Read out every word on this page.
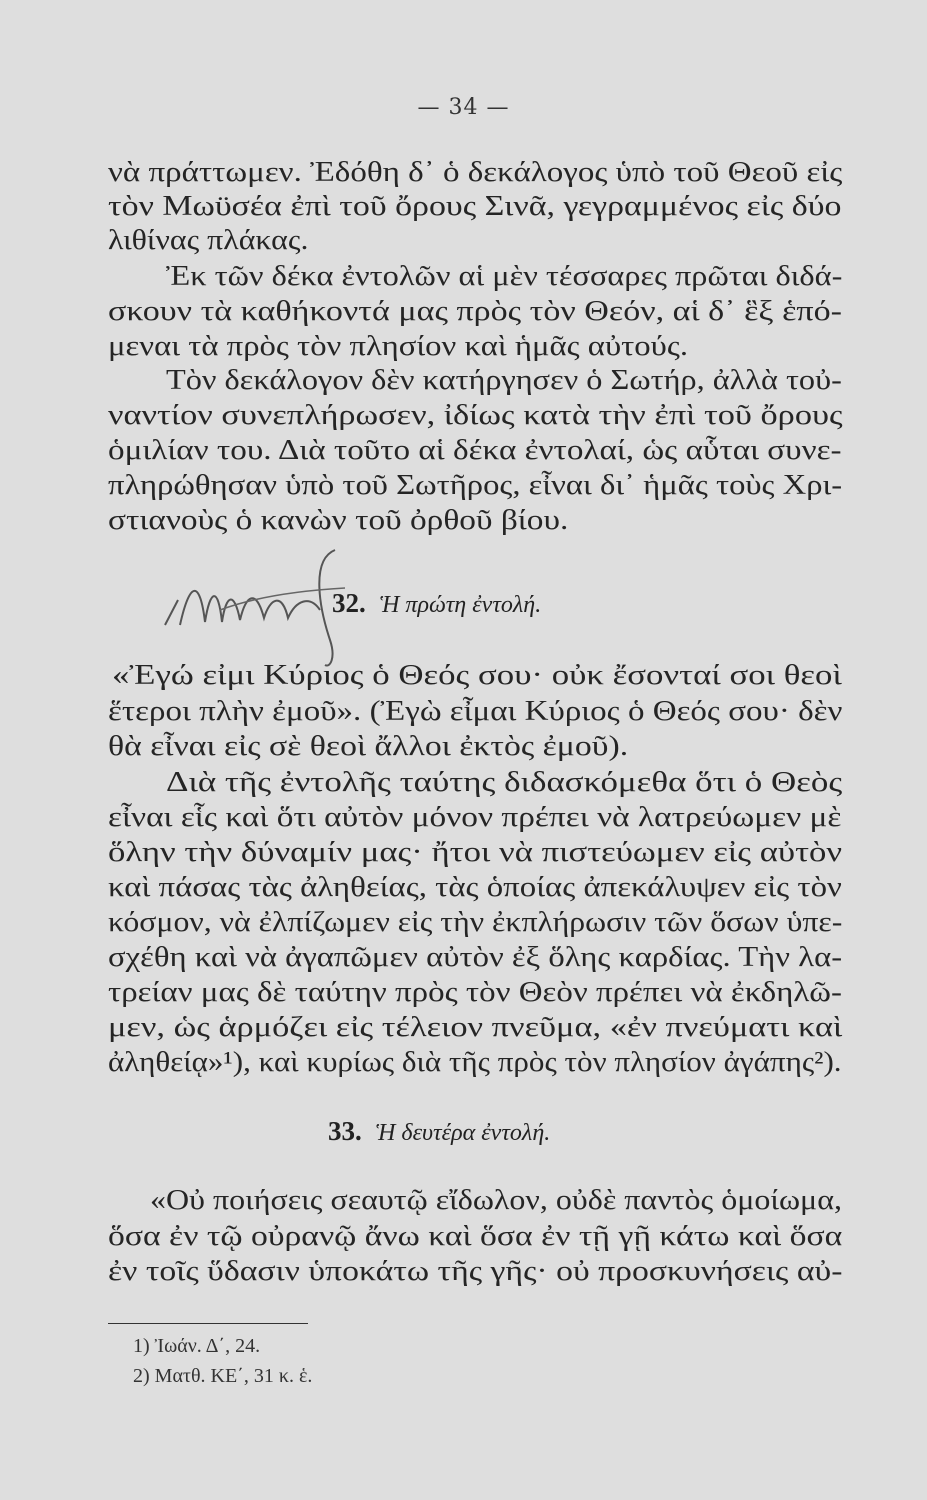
— 34 —
νὰ πράττωμεν. Ἐδόθη δ᾽ ὁ δεκάλογος ὑπὸ τοῦ Θεοῦ εἰς
τὸν Μωϋσέα ἐπὶ τοῦ ὄρους Σινᾶ, γεγραμμένος εἰς δύο
λιθίνας πλάκας.
Ἐκ τῶν δέκα ἐντολῶν αἱ μὲν τέσσαρες πρῶται διδά-
σκουν τὰ καθήκοντά μας πρὸς τὸν Θεόν, αἱ δ᾽ ἓξ ἑπό-
μεναι τὰ πρὸς τὸν πλησίον καὶ ἡμᾶς αὐτούς.
Τὸν δεκάλογον δὲν κατήργησεν ὁ Σωτήρ, ἀλλὰ τοὐ-
ναντίον συνεπλήρωσεν, ἰδίως κατὰ τὴν ἐπὶ τοῦ ὄρους
ὁμιλίαν του. Διὰ τοῦτο αἱ δέκα ἐντολαί, ὡς αὗται συνε-
πληρώθησαν ὑπὸ τοῦ Σωτῆρος, εἶναι δι᾽ ἡμᾶς τοὺς Χρι-
στιανοὺς ὁ κανὼν τοῦ ὀρθοῦ βίου.
«Ἐγώ εἰμι Κύριος ὁ Θεός σου· οὐκ ἔσονταί σοι θεοὶ
ἕτεροι πλὴν ἐμοῦ». (Ἐγὼ εἶμαι Κύριος ὁ Θεός σου· δὲν
θὰ εἶναι εἰς σὲ θεοὶ ἄλλοι ἐκτὸς ἐμοῦ).
Διὰ τῆς ἐντολῆς ταύτης διδασκόμεθα ὅτι ὁ Θεὸς
εἶναι εἷς καὶ ὅτι αὐτὸν μόνον πρέπει νὰ λατρεύωμεν μὲ
ὅλην τὴν δύναμίν μας· ἤτοι νὰ πιστεύωμεν εἰς αὐτὸν
καὶ πάσας τὰς ἀληθείας, τὰς ὁποίας ἀπεκάλυψεν εἰς τὸν
κόσμον, νὰ ἐλπίζωμεν εἰς τὴν ἐκπλήρωσιν τῶν ὅσων ὑπε-
σχέθη καὶ νὰ ἀγαπῶμεν αὐτὸν ἐξ ὅλης καρδίας. Τὴν λα-
τρείαν μας δὲ ταύτην πρὸς τὸν Θεὸν πρέπει νὰ ἐκδηλῶ-
μεν, ὡς ἁρμόζει εἰς τέλειον πνεῦμα, «ἐν πνεύματι καὶ
ἀληθείᾳ»¹), καὶ κυρίως διὰ τῆς πρὸς τὸν πλησίον ἀγάπης²).
«Οὐ ποιήσεις σεαυτῷ εἴδωλον, οὐδὲ παντὸς ὁμοίωμα,
ὅσα ἐν τῷ οὐρανῷ ἄνω καὶ ὅσα ἐν τῇ γῇ κάτω καὶ ὅσα
ἐν τοῖς ὕδασιν ὑποκάτω τῆς γῆς· οὐ προσκυνήσεις αὐ-
32. Ἡ πρώτη ἐντολή.
33. Ἡ δευτέρα ἐντολή.
1) Ἰωάν. Δ΄, 24.
2) Ματθ. ΚΕ΄, 31 κ. ἑ.
